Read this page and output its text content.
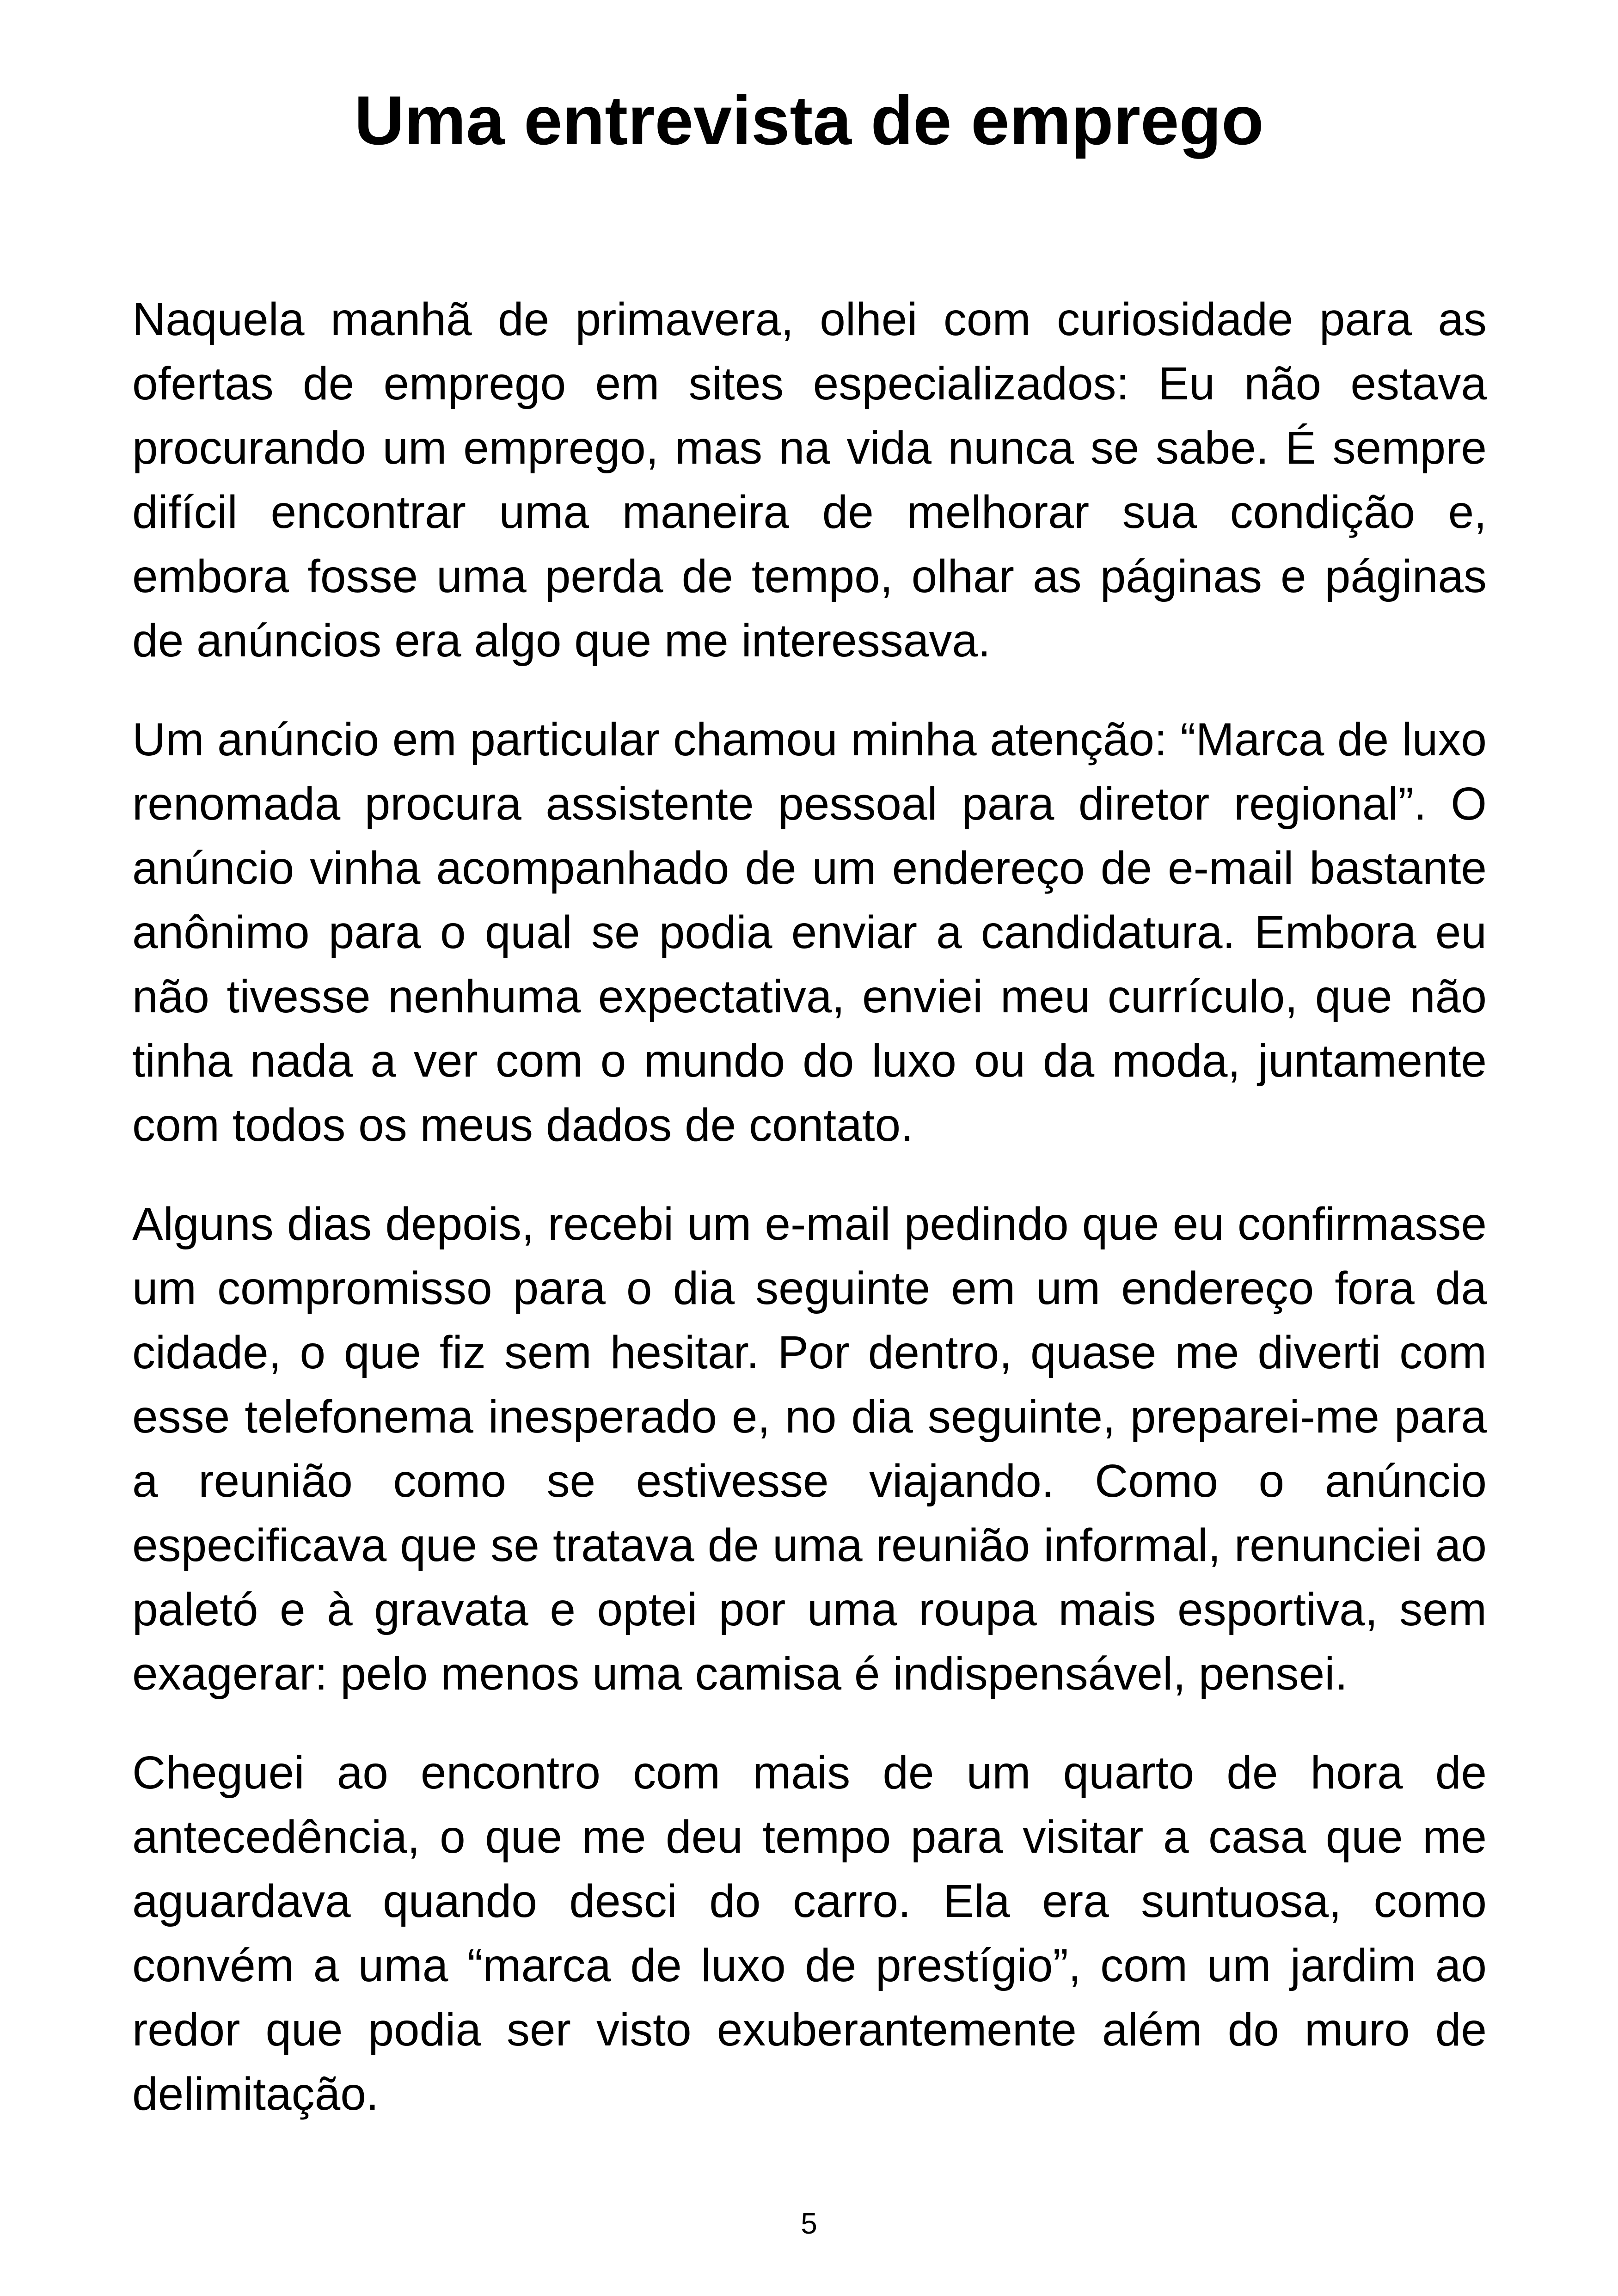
Uma entrevista de emprego

Naquela manhã de primavera, olhei com curiosidade para as ofertas de emprego em sites especializados: Eu não estava procurando um emprego, mas na vida nunca se sabe. É sempre difícil encontrar uma maneira de melhorar sua condição e, embora fosse uma perda de tempo, olhar as páginas e páginas de anúncios era algo que me interessava.

Um anúncio em particular chamou minha atenção: “Marca de luxo renomada procura assistente pessoal para diretor regional”. O anúncio vinha acompanhado de um endereço de e-mail bastante anônimo para o qual se podia enviar a candidatura. Embora eu não tivesse nenhuma expectativa, enviei meu currículo, que não tinha nada a ver com o mundo do luxo ou da moda, juntamente com todos os meus dados de contato.

Alguns dias depois, recebi um e-mail pedindo que eu confirmasse um compromisso para o dia seguinte em um endereço fora da cidade, o que fiz sem hesitar. Por dentro, quase me diverti com esse telefonema inesperado e, no dia seguinte, preparei-me para a reunião como se estivesse viajando. Como o anúncio especificava que se tratava de uma reunião informal, renunciei ao paletó e à gravata e optei por uma roupa mais esportiva, sem exagerar: pelo menos uma camisa é indispensável, pensei.

Cheguei ao encontro com mais de um quarto de hora de antecedência, o que me deu tempo para visitar a casa que me aguardava quando desci do carro. Ela era suntuosa, como convém a uma “marca de luxo de prestígio”, com um jardim ao redor que podia ser visto exuberantemente além do muro de delimitação.

5
